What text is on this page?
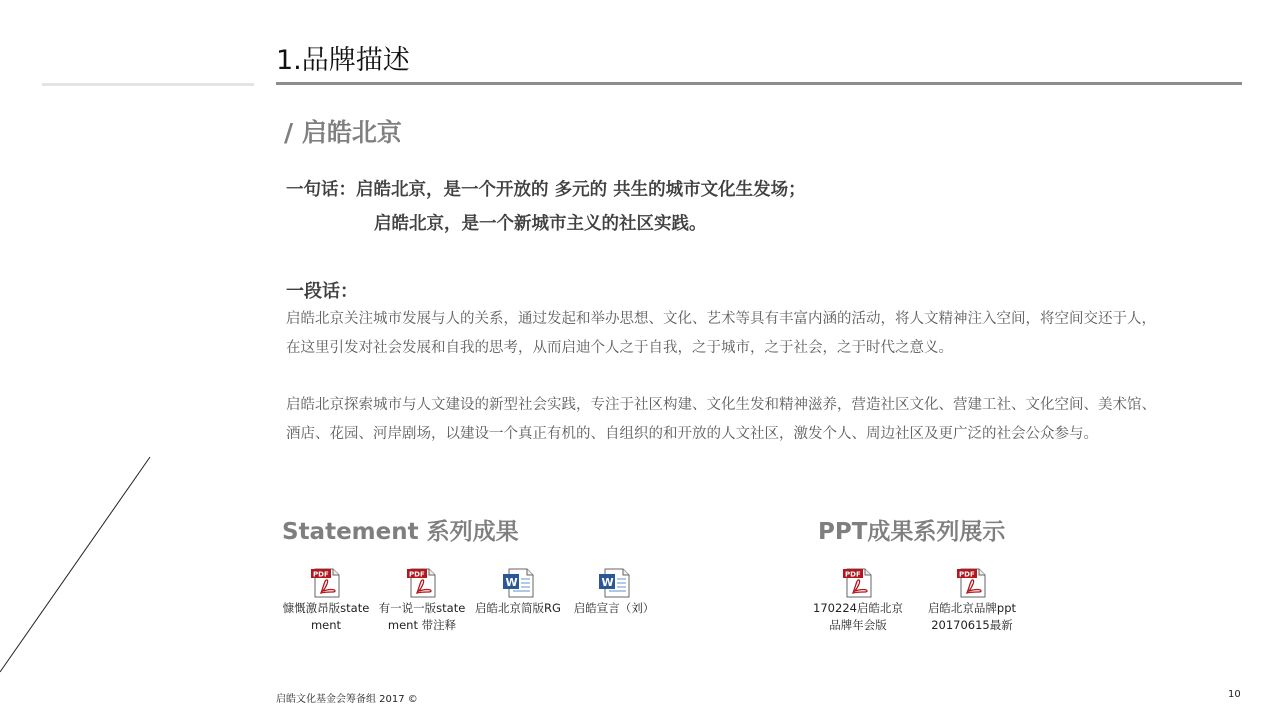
1.品牌描述
/ 启皓北京
一句话：启皓北京，是一个开放的 多元的 共生的城市文化生发场；
启皓北京，是一个新城市主义的社区实践。
一段话：
启皓北京关注城市发展与人的关系，通过发起和举办思想、文化、艺术等具有丰富内涵的活动，将人文精神注入空间，将空间交还于人，在这里引发对社会发展和自我的思考，从而启迪个人之于自我，之于城市，之于社会，之于时代之意义。
启皓北京探索城市与人文建设的新型社会实践，专注于社区构建、文化生发和精神滋养，营造社区文化、营建工社、文化空间、美术馆、酒店、花园、河岸剧场，以建设一个真正有机的、自组织的和开放的人文社区，激发个人、周边社区及更广泛的社会公众参与。
Statement 系列成果	PPT成果系列展示
PDF
慷慨激昂版statement
PDF
有一说一版statement 带注释
W
启皓北京简版RG
W
启皓宣言（刘）
PDF
170224启皓北京品牌年会版
PDF
启皓北京品牌ppt 20170615最新
启皓文化基金会筹备组 2017 ©	10
